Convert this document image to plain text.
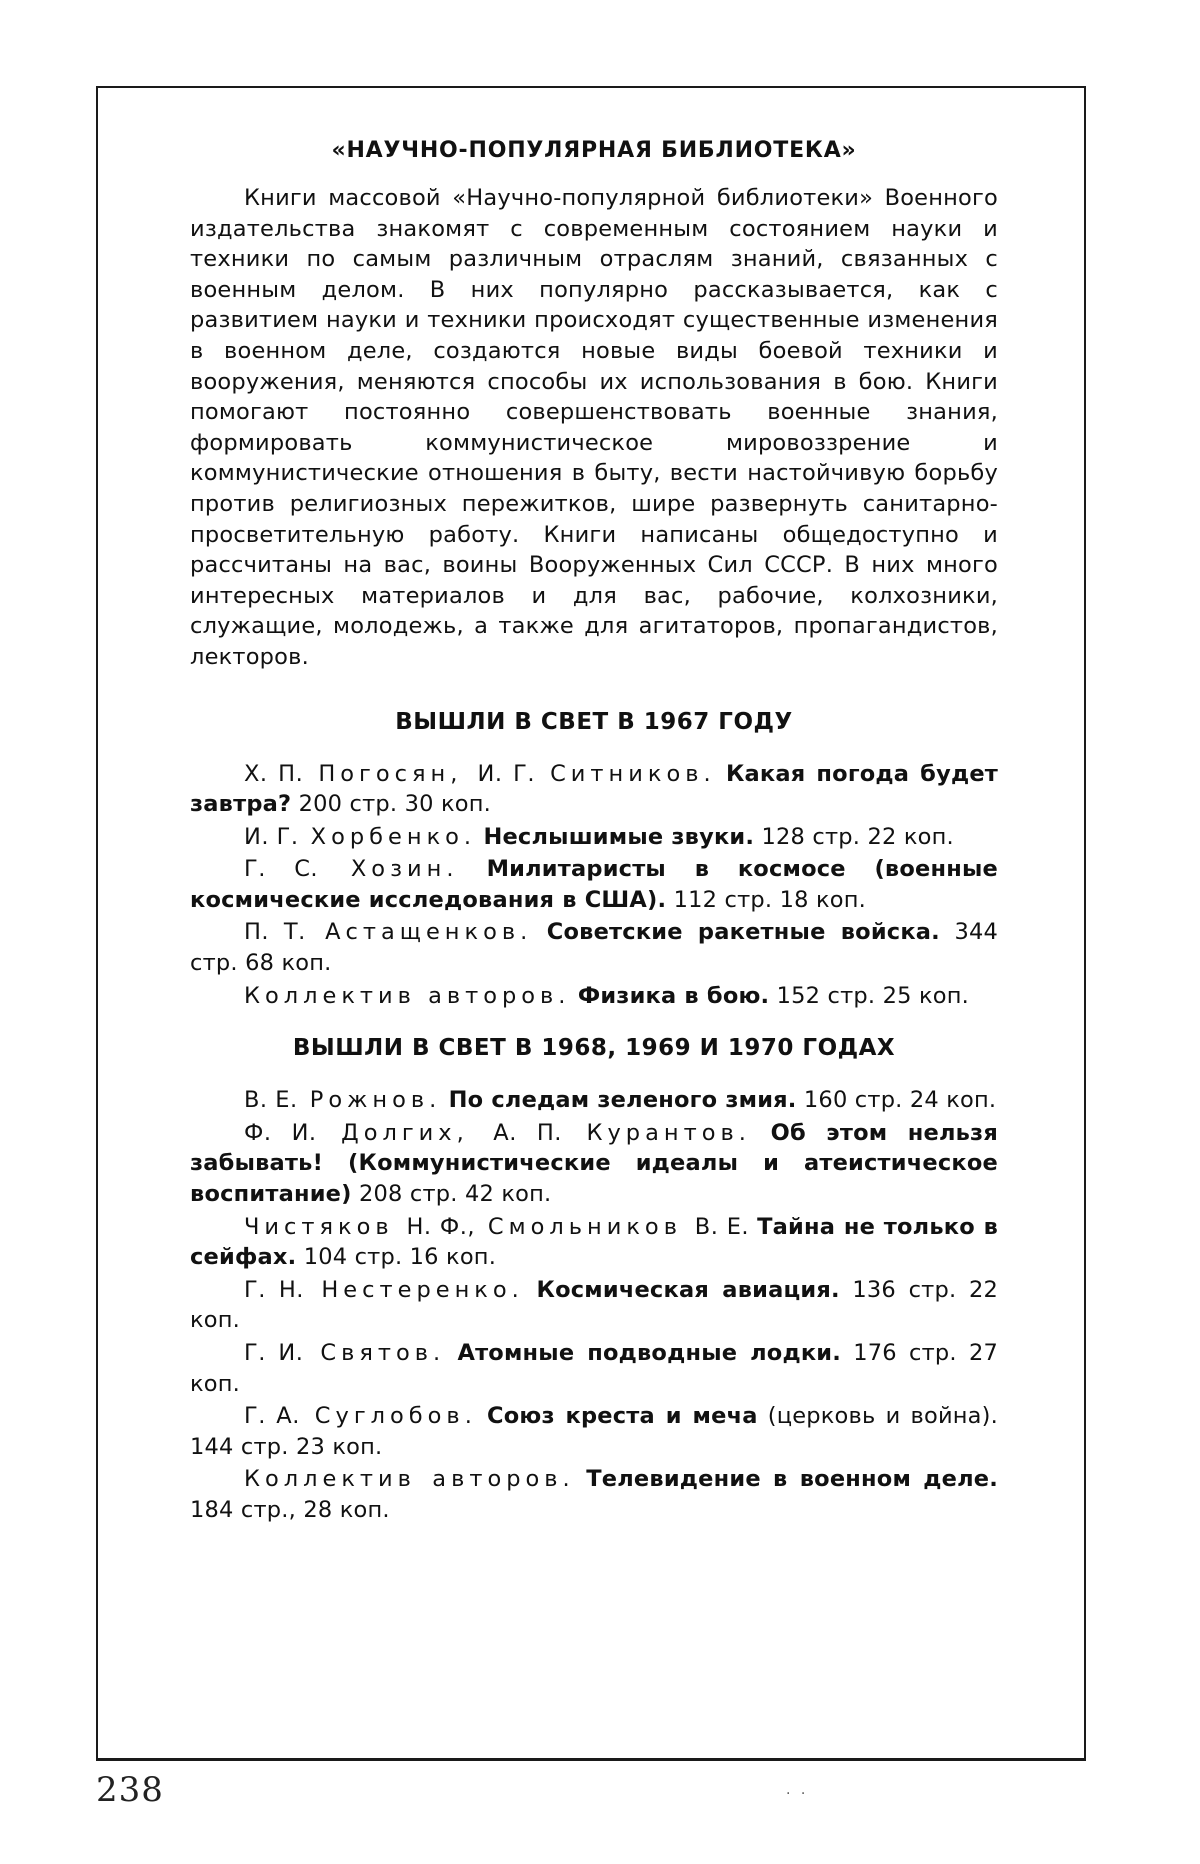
«НАУЧНО-ПОПУЛЯРНАЯ БИБЛИОТЕКА»

Книги массовой «Научно-популярной библиотеки» Военного издательства знакомят с современным состоянием науки и техники по самым различным отраслям знаний, связанных с военным делом. В них популярно рассказывается, как с развитием науки и техники происходят существенные изменения в военном деле, создаются новые виды боевой техники и вооружения, меняются способы их использования в бою. Книги помогают постоянно совершенствовать военные знания, формировать коммунистическое мировоззрение и коммунистические отношения в быту, вести настойчивую борьбу против религиозных пережитков, шире развернуть санитарно-просветительную работу. Книги написаны общедоступно и рассчитаны на вас, воины Вооруженных Сил СССР. В них много интересных материалов и для вас, рабочие, колхозники, служащие, молодежь, а также для агитаторов, пропагандистов, лекторов.

ВЫШЛИ В СВЕТ В 1967 ГОДУ

Х. П. Погосян, И. Г. Ситников. Какая погода будет завтра? 200 стр. 30 коп.

И. Г. Хорбенко. Неслышимые звуки. 128 стр. 22 коп.

Г. С. Хозин. Милитаристы в космосе (военные космические исследования в США). 112 стр. 18 коп.

П. Т. Астащенков. Советские ракетные войска. 344 стр. 68 коп.

Коллектив авторов. Физика в бою. 152 стр. 25 коп.

ВЫШЛИ В СВЕТ В 1968, 1969 И 1970 ГОДАХ

В. Е. Рожнов. По следам зеленого змия. 160 стр. 24 коп.

Ф. И. Долгих, А. П. Курантов. Об этом нельзя забывать! (Коммунистические идеалы и атеистическое воспитание) 208 стр. 42 коп.

Чистяков Н. Ф., Смольников В. Е. Тайна не только в сейфах. 104 стр. 16 коп.

Г. Н. Нестеренко. Космическая авиация. 136 стр. 22 коп.

Г. И. Святов. Атомные подводные лодки. 176 стр. 27 коп.

Г. А. Суглобов. Союз креста и меча (церковь и война). 144 стр. 23 коп.

Коллектив авторов. Телевидение в военном деле. 184 стр., 28 коп.

238	· ·
